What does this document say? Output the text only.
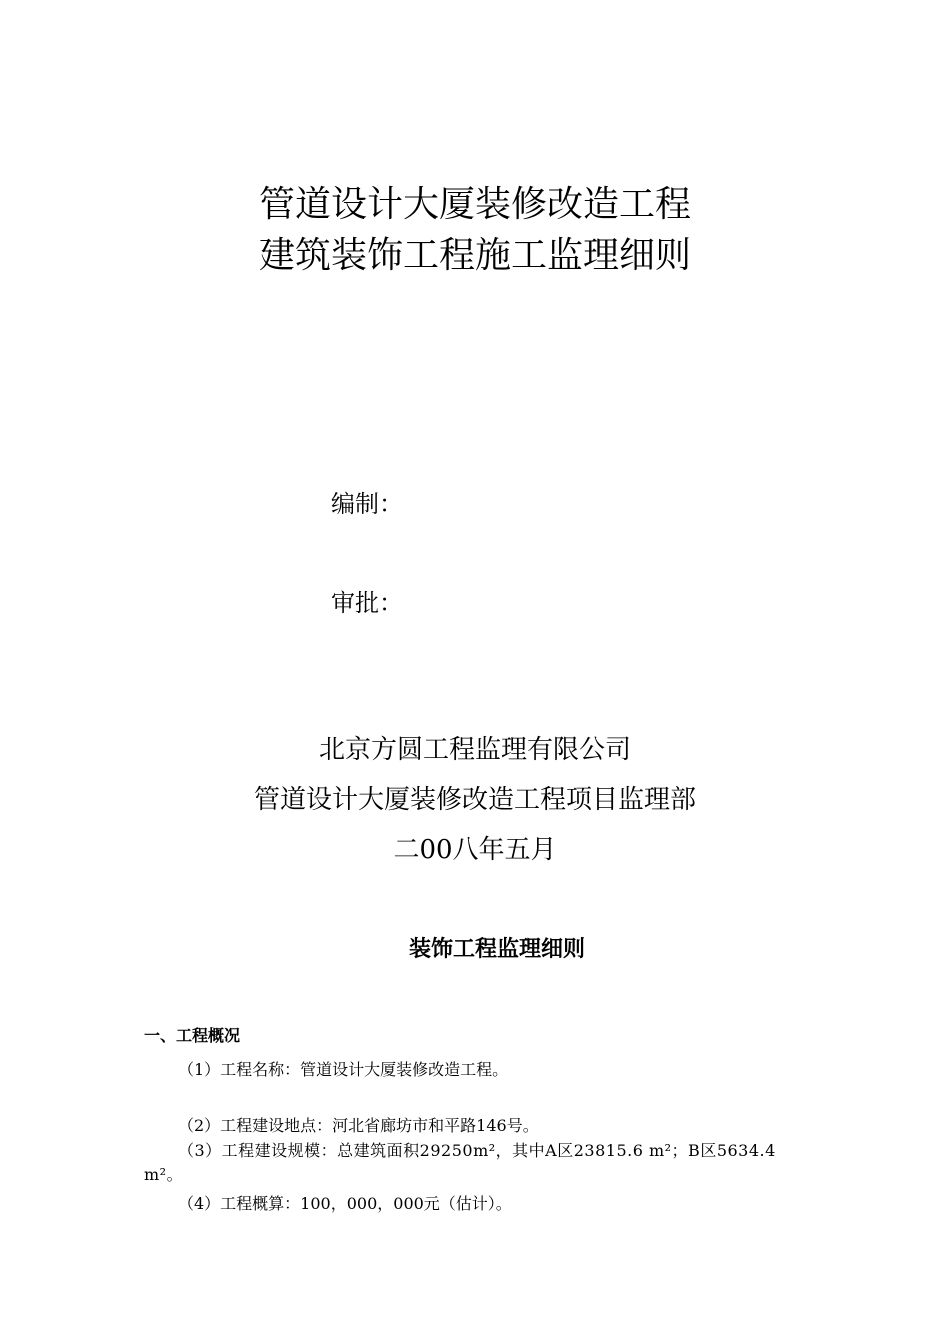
管道设计大厦装修改造工程
建筑装饰工程施工监理细则
编制：
审批：
北京方圆工程监理有限公司
管道设计大厦装修改造工程项目监理部
二00八年五月
装饰工程监理细则
一、工程概况
（1）工程名称：管道设计大厦装修改造工程。
（2）工程建设地点：河北省廊坊市和平路146号。
（3）工程建设规模：总建筑面积29250m²，其中A区23815.6 m²；B区5634.4 m²。
（4）工程概算：100，000，000元（估计）。
